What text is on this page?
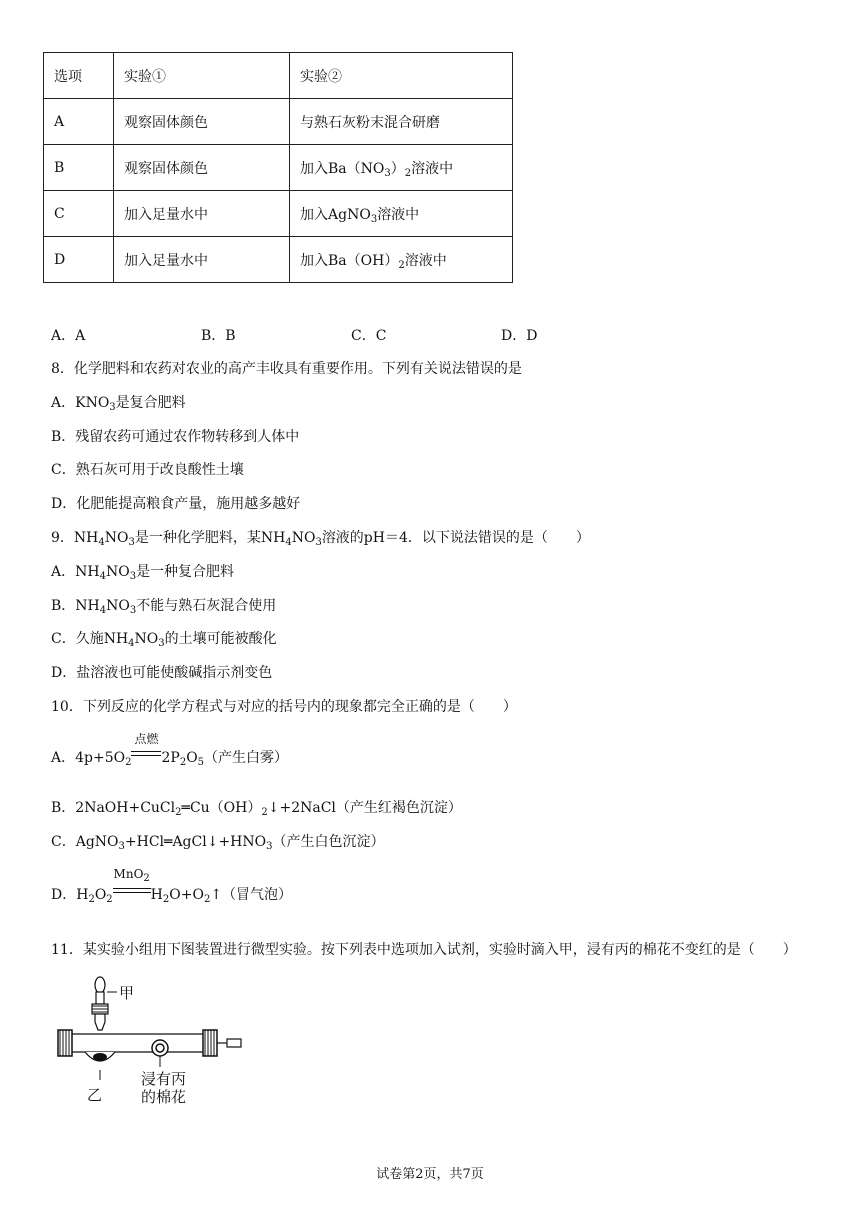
选项	实验①	实验②
A	观察固体颜色	与熟石灰粉末混合研磨
B	观察固体颜色	加入$Ba(NO_3)_2$溶液中
C	加入足量水中	加入AgNO$_3$溶液中
D	加入足量水中	加入$Ba(OH)_2$溶液中
A．A	B．B	C．C	D．D
8．化学肥料和农药对农业的高产丰收具有重要作用。下列有关说法错误的是
A．$KNO_3$是复合肥料
B．残留农药可通过农作物转移到人体中
C．熟石灰可用于改良酸性土壤
D．化肥能提高粮食产量，施用越多越好
9．$NH_4NO_3$是一种化学肥料，某$NH_4NO_3$溶液的pH＝4．以下说法错误的是（　　）
A．$NH_4NO_3$是一种复合肥料
B．$NH_4NO_3$不能与熟石灰混合使用
C．久施$NH_4NO_3$的土壤可能被酸化
D．盐溶液也可能使酸碱指示剂变色
10．下列反应的化学方程式与对应的括号内的现象都完全正确的是（　　）
A．$4p+5O_2$
点燃
$2P_2O_5$（产生白雾）
B．$2NaOH+CuCl_2═Cu(OH)_2↓+2NaCl$（产生红褐色沉淀）
C．$AgNO_3+HCl═AgCl↓+HNO_3$（产生白色沉淀）
D．$H_2O_2$
MnO$_2$
$H_2O+O_2↑$（冒气泡）
11．某实验小组用下图装置进行微型实验。按下列表中选项加入试剂，实验时滴入甲，浸有丙的棉花不变红的是（　　）
甲
乙
浸有丙
的棉花
试卷第2页，共7页
